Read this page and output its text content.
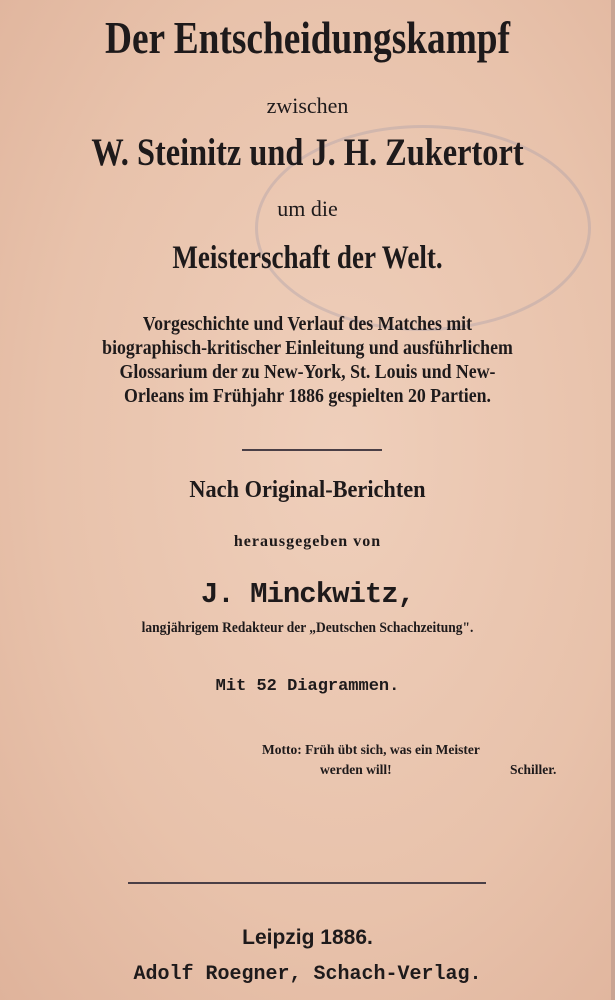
Der Entscheidungskampf
zwischen
W. Steinitz und J. H. Zukertort
um die
Meisterschaft der Welt.
Vorgeschichte und Verlauf des Matches mit
biographisch-kritischer Einleitung und ausführlichem
Glossarium der zu New-York, St. Louis und New-
Orleans im Frühjahr 1886 gespielten 20 Partien.
Nach Original-Berichten
herausgegeben von
J. Minckwitz,
langjährigem Redakteur der „Deutschen Schachzeitung".
Mit 52 Diagrammen.
Motto: Früh übt sich, was ein Meister
werden will!	Schiller.
Leipzig 1886.
Adolf Roegner, Schach-Verlag.
